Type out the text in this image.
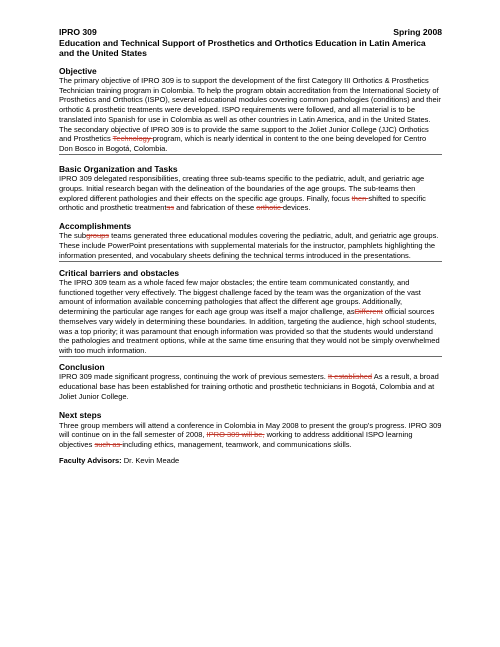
IPRO 309	Spring 2008
Education and Technical Support of Prosthetics and Orthotics Education in Latin America and the United States
Objective

The primary objective of IPRO 309 is to support the development of the first Category III Orthotics & Prosthetics Technician training program in Colombia. To help the program obtain accreditation from the International Society of Prosthetics and Orthotics (ISPO), several educational modules covering common pathologies (conditions) and their orthotic & prosthetic treatments were developed. ISPO requirements were followed, and all material is to be translated into Spanish for use in Colombia as well as other countries in Latin America, and in the United States. The secondary objective of IPRO 309 is to provide the same support to the Joliet Junior College (JJC) Orthotics and Prosthetics Technology program, which is nearly identical in content to the one being developed for Centro Don Bosco in Bogotá, Colombia.

Basic Organization and Tasks

IPRO 309 delegated responsibilities, creating three sub-teams specific to the pediatric, adult, and geriatric age groups. Initial research began with the delineation of the boundaries of the age groups. The sub-teams then explored different pathologies and their effects on the specific age groups. Finally, focus then shifted to specific orthotic and prosthetic treatmentss and fabrication of these orthotic devices.

Accomplishments

The subgroups teams generated three educational modules covering the pediatric, adult, and geriatric age groups. These include PowerPoint presentations with supplemental materials for the instructor, pamphlets highlighting the information presented, and vocabulary sheets defining the technical terms introduced in the presentations.

Critical barriers and obstacles

The IPRO 309 team as a whole faced few major obstacles; the entire team communicated constantly, and functioned together very effectively. The biggest challenge faced by the team was the organization of the vast amount of information available concerning pathologies that affect the different age groups. Additionally, determining the particular age ranges for each age group was itself a major challenge, asDifferent official sources themselves vary widely in determining these boundaries. In addition, targeting the audience, high school students, was a top priority; it was paramount that enough information was provided so that the students would understand the pathologies and treatment options, while at the same time ensuring that they would not be simply overwhelmed with too much information.

Conclusion

IPRO 309 made significant progress, continuing the work of previous semesters. It established As a result, a broad educational base has been established for training orthotic and prosthetic technicians in Bogotá, Colombia and at Joliet Junior College.

Next steps

Three group members will attend a conference in Colombia in May 2008 to present the group's progress. IPRO 309 will continue on in the fall semester of 2008, IPRO 309 will be, working to address additional ISPO learning objectives such as including ethics, management, teamwork, and communications skills.

Faculty Advisors: Dr. Kevin Meade
